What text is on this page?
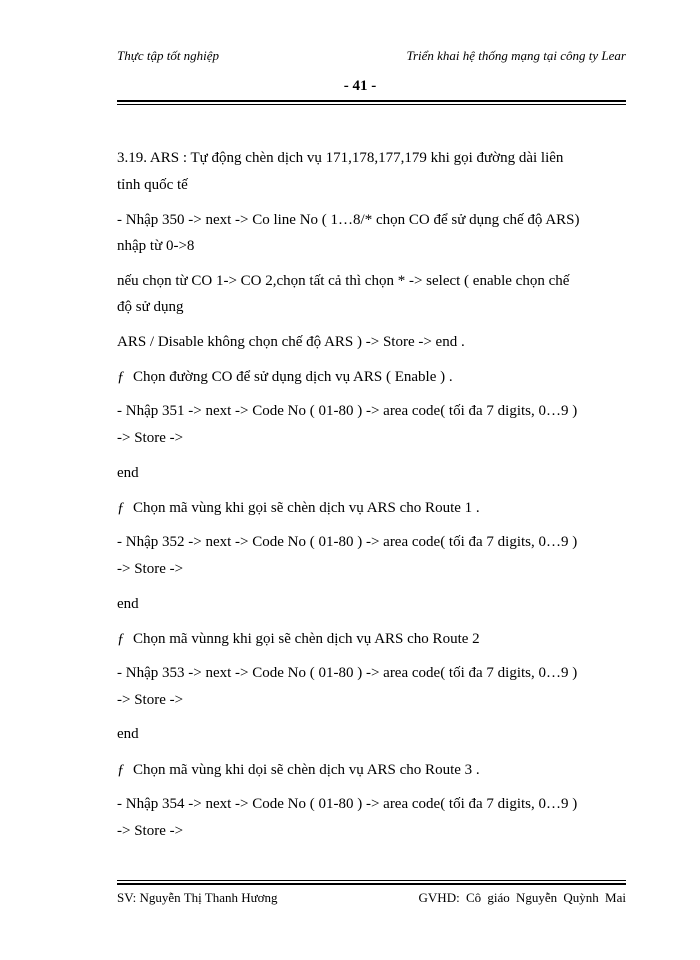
Thực tập tốt nghiệp	Triển khai hệ thống mạng tại công ty Lear
- 41 -
3.19. ARS : Tự động chèn dịch vụ 171,178,177,179 khi gọi đường dài liên
tỉnh quốc tế
- Nhập 350 -> next -> Co line No ( 1…8/* chọn CO để sử dụng chế độ ARS)
nhập từ 0->8
nếu chọn từ CO 1-> CO 2,chọn tất cả thì chọn * -> select ( enable chọn chế
độ sử dụng
ARS / Disable không chọn chế độ ARS ) -> Store -> end .
ƒ Chọn đường CO để sử dụng dịch vụ ARS ( Enable ) .
- Nhập 351 -> next -> Code No ( 01-80 ) -> area code( tối đa 7 digits, 0…9 )
-> Store ->
end
ƒ Chọn mã vùng khi gọi sẽ chèn dịch vụ ARS cho Route 1 .
- Nhập 352 -> next -> Code No ( 01-80 ) -> area code( tối đa 7 digits, 0…9 )
-> Store ->
end
ƒ Chọn mã vùnng khi gọi sẽ chèn dịch vụ ARS cho Route 2
- Nhập 353 -> next -> Code No ( 01-80 ) -> area code( tối đa 7 digits, 0…9 )
-> Store ->
end
ƒ Chọn mã vùng khi dọi sẽ chèn dịch vụ ARS cho Route 3 .
- Nhập 354 -> next -> Code No ( 01-80 ) -> area code( tối đa 7 digits, 0…9 )
-> Store ->
SV: Nguyễn Thị Thanh Hương	GVHD: Cô giáo Nguyễn Quỳnh Mai
